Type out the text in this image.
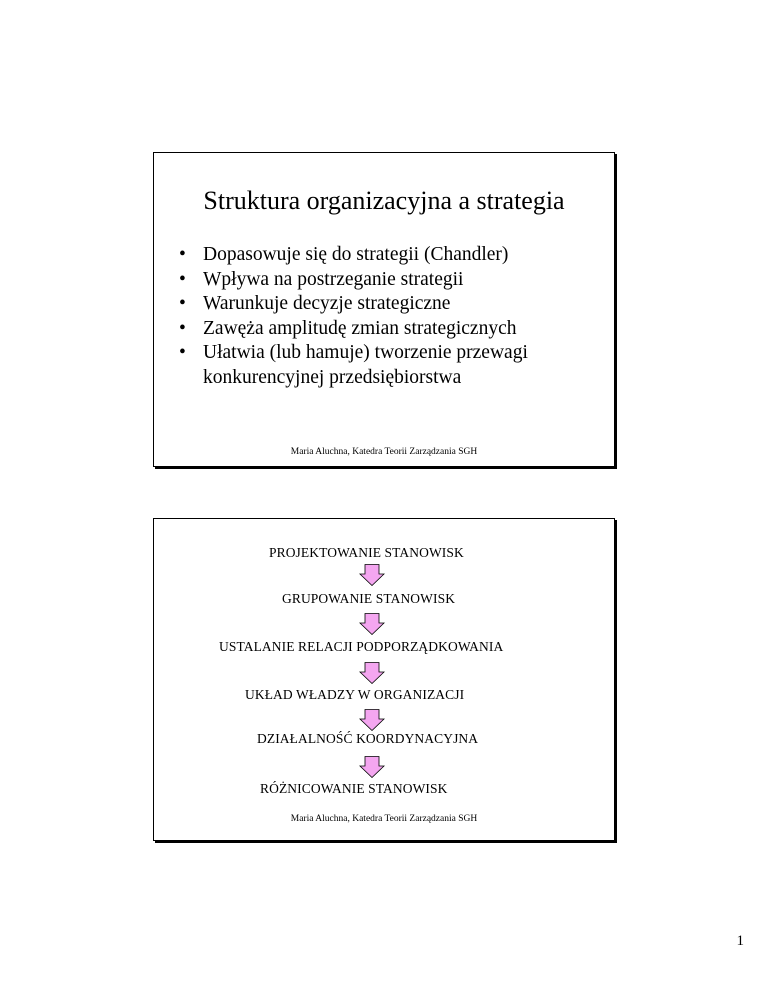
Struktura organizacyjna a strategia
• Dopasowuje się do strategii (Chandler)
• Wpływa na postrzeganie strategii
• Warunkuje decyzje strategiczne
• Zawęża amplitudę zmian strategicznych
• Ułatwia (lub hamuje) tworzenie przewagi
konkurencyjnej przedsiębiorstwa
Maria Aluchna, Katedra Teorii Zarządzania SGH
PROJEKTOWANIE STANOWISK
GRUPOWANIE STANOWISK
USTALANIE RELACJI PODPORZĄDKOWANIA
UKŁAD WŁADZY W ORGANIZACJI
DZIAŁALNOŚĆ KOORDYNACYJNA
RÓŻNICOWANIE STANOWISK
Maria Aluchna, Katedra Teorii Zarządzania SGH
1
